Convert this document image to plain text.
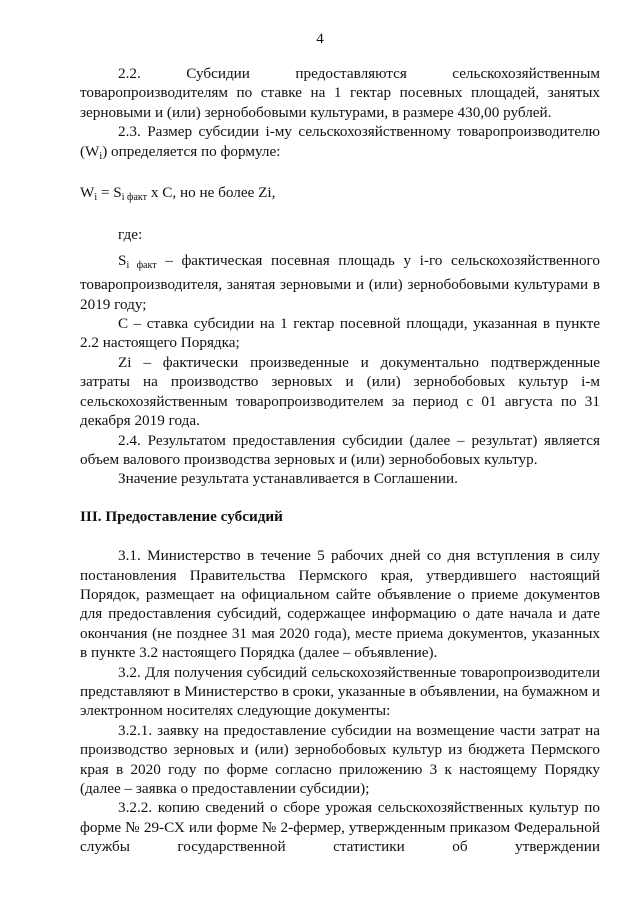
4

2.2. Субсидии предоставляются сельскохозяйственным товаропроизводителям по ставке на 1 гектар посевных площадей, занятых зерновыми и (или) зернобобовыми культурами, в размере 430,00 рублей.

2.3. Размер субсидии i-му сельскохозяйственному товаропроизводителю $(W_i)$ определяется по формуле:

$W_i = Si$ факт x C, но не более Zi,

где:

Si факт – фактическая посевная площадь у i-го сельскохозяйственного товаропроизводителя, занятая зерновыми и (или) зернобобовыми культурами в 2019 году;

С – ставка субсидии на 1 гектар посевной площади, указанная в пункте 2.2 настоящего Порядка;

Zi – фактически произведенные и документально подтвержденные затраты на производство зерновых и (или) зернобобовых культур i-м сельскохозяйственным товаропроизводителем за период с 01 августа по 31 декабря 2019 года.

2.4. Результатом предоставления субсидии (далее – результат) является объем валового производства зерновых и (или) зернобобовых культур.

Значение результата устанавливается в Соглашении.

III. Предоставление субсидий

3.1. Министерство в течение 5 рабочих дней со дня вступления в силу постановления Правительства Пермского края, утвердившего настоящий Порядок, размещает на официальном сайте объявление о приеме документов для предоставления субсидий, содержащее информацию о дате начала и дате окончания (не позднее 31 мая 2020 года), месте приема документов, указанных в пункте 3.2 настоящего Порядка (далее – объявление).

3.2. Для получения субсидий сельскохозяйственные товаропроизводители представляют в Министерство в сроки, указанные в объявлении, на бумажном и электронном носителях следующие документы:

3.2.1. заявку на предоставление субсидии на возмещение части затрат на производство зерновых и (или) зернобобовых культур из бюджета Пермского края в 2020 году по форме согласно приложению 3 к настоящему Порядку (далее – заявка о предоставлении субсидии);

3.2.2. копию сведений о сборе урожая сельскохозяйственных культур по форме № 29-СХ или форме № 2-фермер, утвержденным приказом Федеральной службы государственной статистики об утверждении
